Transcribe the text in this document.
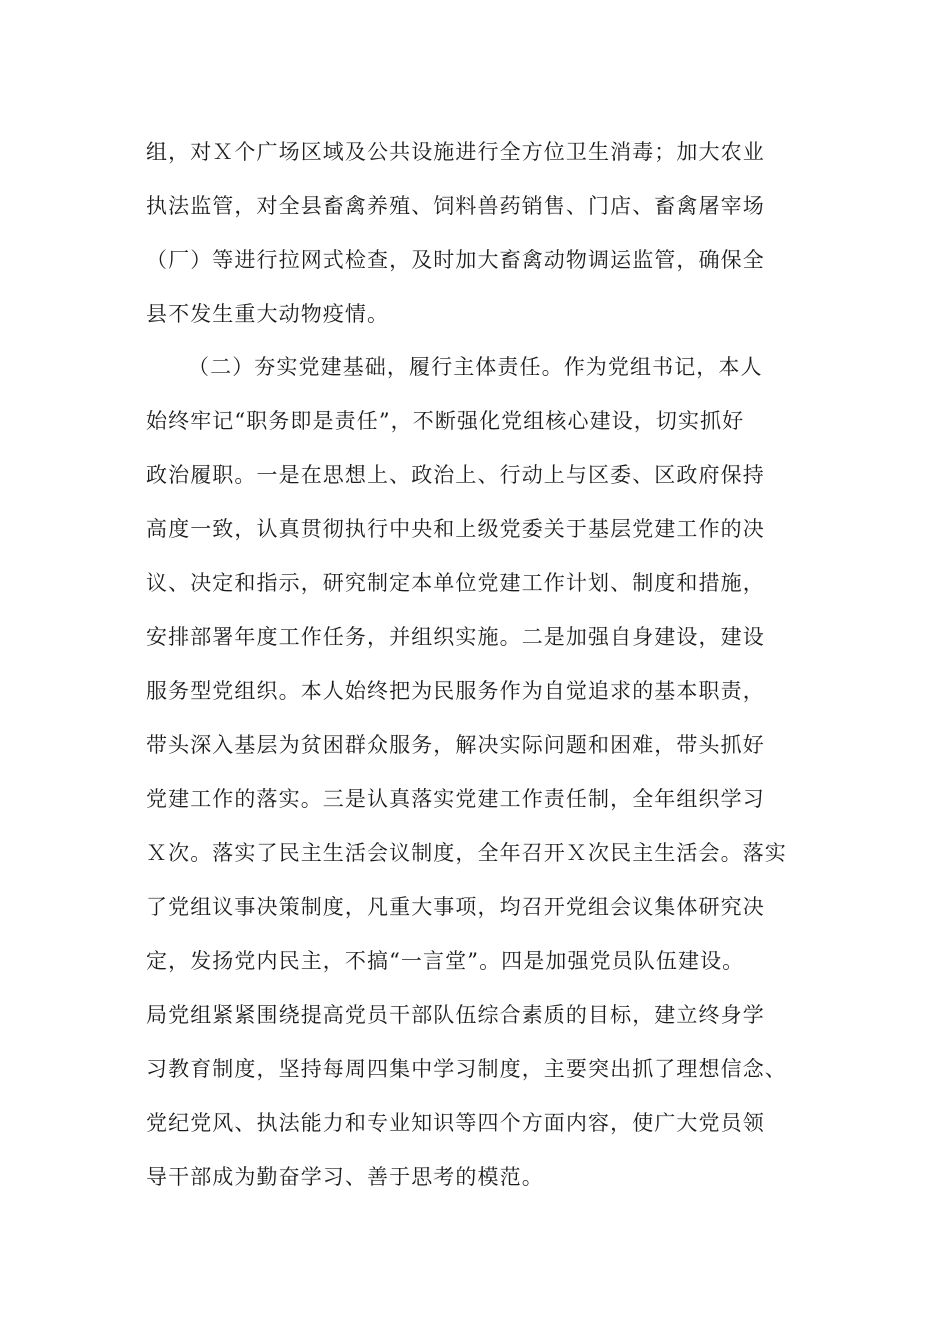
组，对Ｘ个广场区域及公共设施进行全方位卫生消毒；加大农业
执法监管，对全县畜禽养殖、饲料兽药销售、门店、畜禽屠宰场
（厂）等进行拉网式检查，及时加大畜禽动物调运监管，确保全
县不发生重大动物疫情。
（二）夯实党建基础，履行主体责任。作为党组书记，本人
始终牢记“职务即是责任”，不断强化党组核心建设，切实抓好
政治履职。一是在思想上、政治上、行动上与区委、区政府保持
高度一致，认真贯彻执行中央和上级党委关于基层党建工作的决
议、决定和指示，研究制定本单位党建工作计划、制度和措施，
安排部署年度工作任务，并组织实施。二是加强自身建设，建设
服务型党组织。本人始终把为民服务作为自觉追求的基本职责，
带头深入基层为贫困群众服务，解决实际问题和困难，带头抓好
党建工作的落实。三是认真落实党建工作责任制，全年组织学习
Ｘ次。落实了民主生活会议制度，全年召开Ｘ次民主生活会。落实
了党组议事决策制度，凡重大事项，均召开党组会议集体研究决
定，发扬党内民主，不搞“一言堂”。四是加强党员队伍建设。
局党组紧紧围绕提高党员干部队伍综合素质的目标，建立终身学
习教育制度，坚持每周四集中学习制度，主要突出抓了理想信念、
党纪党风、执法能力和专业知识等四个方面内容，使广大党员领
导干部成为勤奋学习、善于思考的模范。
